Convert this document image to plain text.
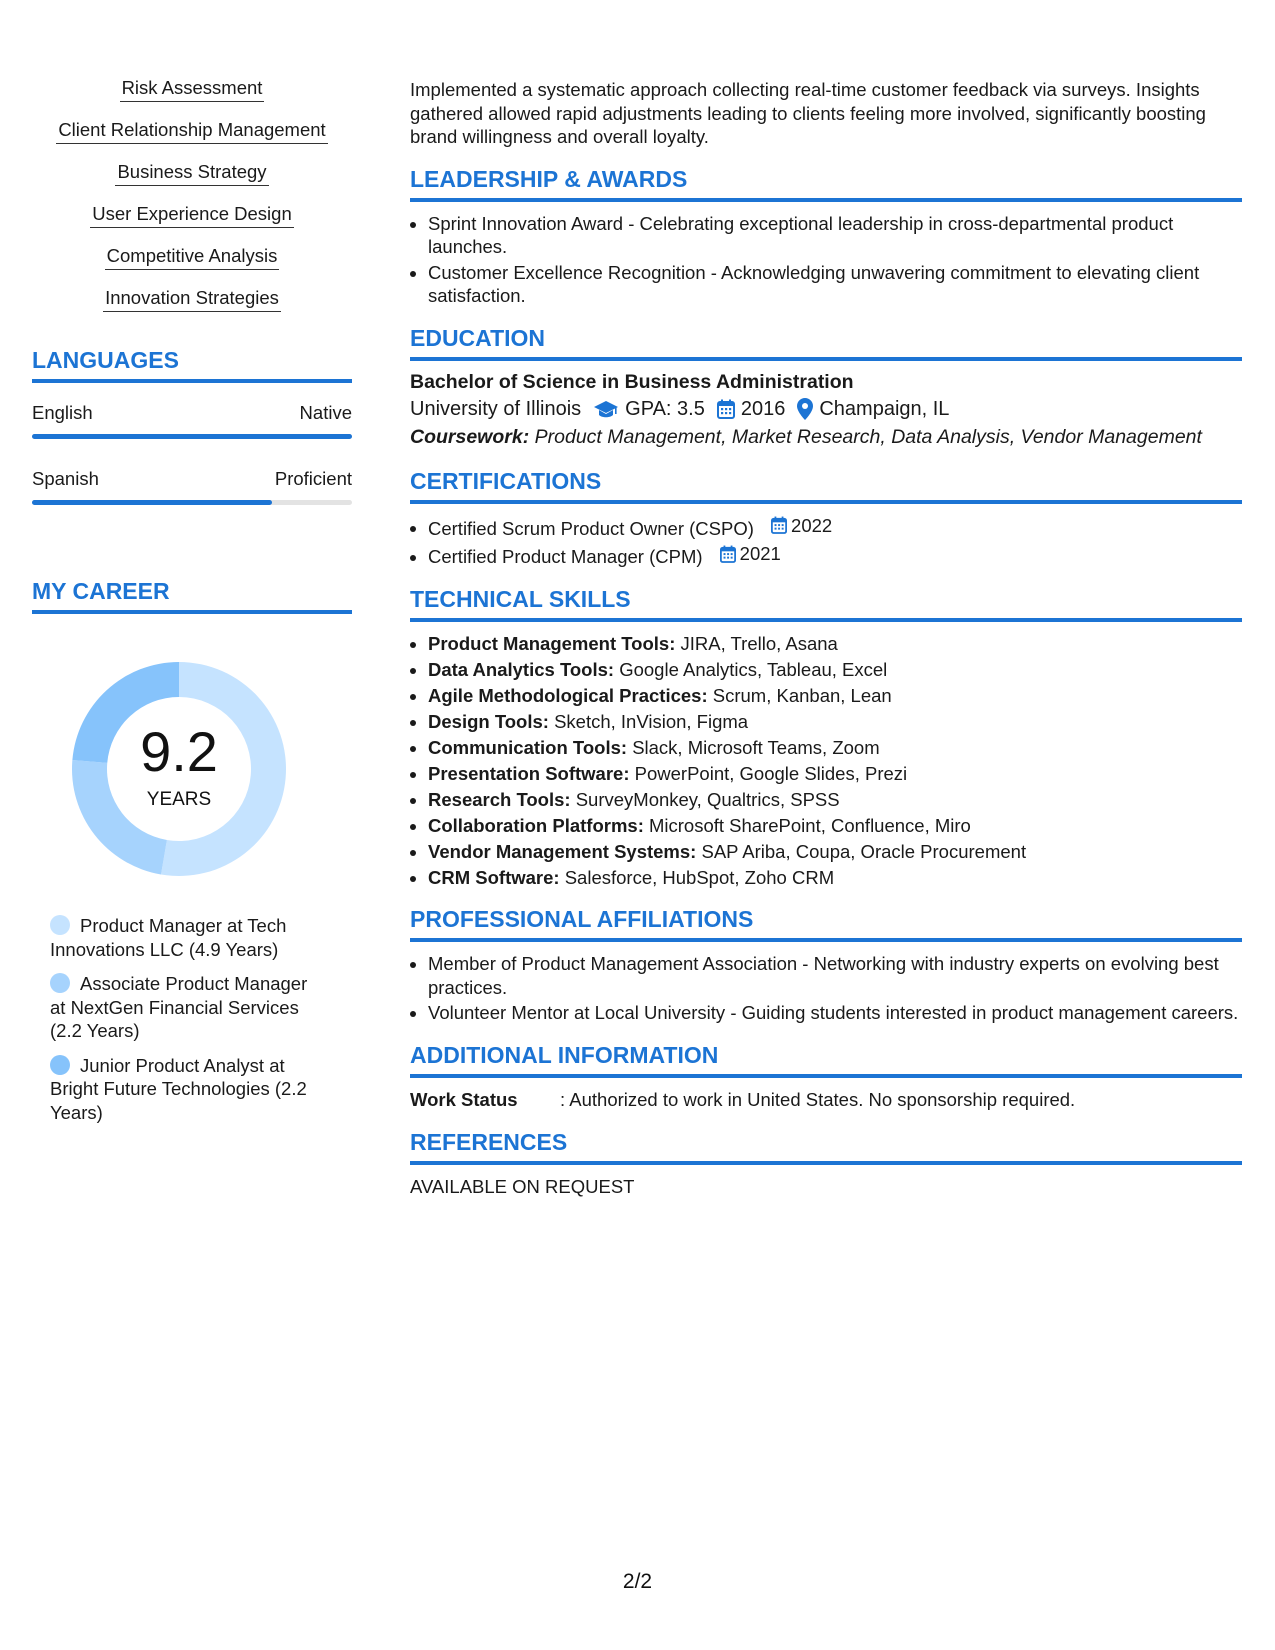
Risk Assessment
Client Relationship Management
Business Strategy
User Experience Design
Competitive Analysis
Innovation Strategies
LANGUAGES
English	Native
Spanish	Proficient
MY CAREER
9.2
YEARS
Product Manager at Tech Innovations LLC (4.9 Years)
Associate Product Manager at NextGen Financial Services (2.2 Years)
Junior Product Analyst at Bright Future Technologies (2.2 Years)

Implemented a systematic approach collecting real-time customer feedback via surveys. Insights gathered allowed rapid adjustments leading to clients feeling more involved, significantly boosting brand willingness and overall loyalty.

LEADERSHIP & AWARDS
• Sprint Innovation Award - Celebrating exceptional leadership in cross-departmental product launches.
• Customer Excellence Recognition - Acknowledging unwavering commitment to elevating client satisfaction.
EDUCATION
Bachelor of Science in Business Administration
University of Illinois GPA: 3.5 2016 Champaign, IL
Coursework: Product Management, Market Research, Data Analysis, Vendor Management
CERTIFICATIONS
• Certified Scrum Product Owner (CSPO) 2022
• Certified Product Manager (CPM) 2021
TECHNICAL SKILLS
• Product Management Tools: JIRA, Trello, Asana
• Data Analytics Tools: Google Analytics, Tableau, Excel
• Agile Methodological Practices: Scrum, Kanban, Lean
• Design Tools: Sketch, InVision, Figma
• Communication Tools: Slack, Microsoft Teams, Zoom
• Presentation Software: PowerPoint, Google Slides, Prezi
• Research Tools: SurveyMonkey, Qualtrics, SPSS
• Collaboration Platforms: Microsoft SharePoint, Confluence, Miro
• Vendor Management Systems: SAP Ariba, Coupa, Oracle Procurement
• CRM Software: Salesforce, HubSpot, Zoho CRM
PROFESSIONAL AFFILIATIONS
• Member of Product Management Association - Networking with industry experts on evolving best practices.
• Volunteer Mentor at Local University - Guiding students interested in product management careers.
ADDITIONAL INFORMATION
Work Status	: Authorized to work in United States. No sponsorship required.
REFERENCES
AVAILABLE ON REQUEST
2/2
